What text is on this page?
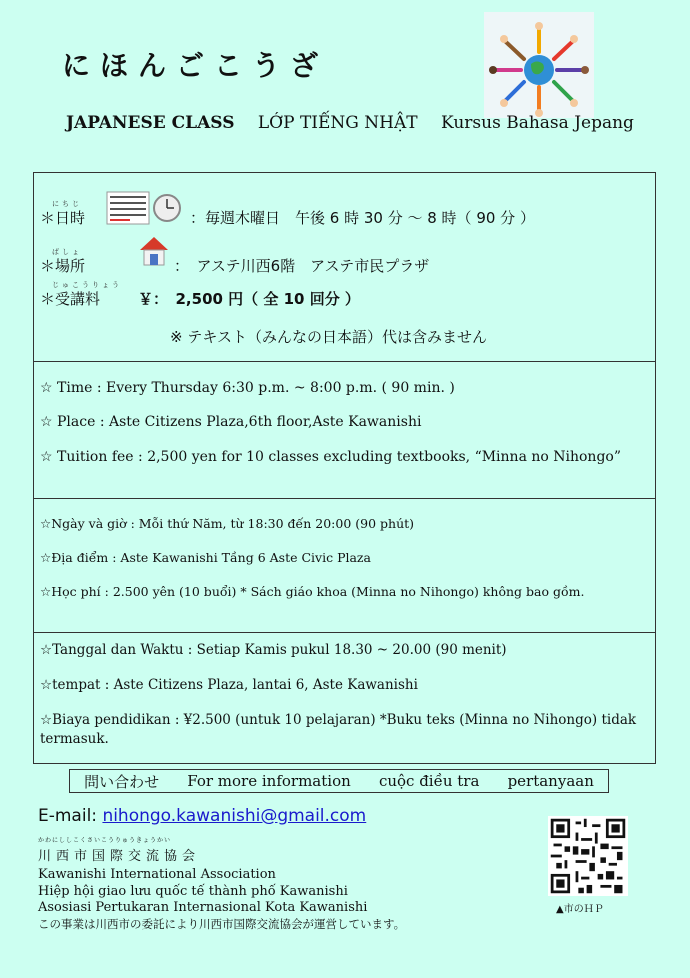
にほんごこうざ
JAPANESE CLASS LỚP TIẾNG NHẬT Kursus Bahasa Jepang
にちじ
＊日時	：毎週木曜日　午後 6 時 30 分 〜 8 時（ 90 分 ）
ばしょ
＊場所	：　アステ川西6階　アステ市民プラザ
じゅこうりょう
＊受講料	￥：　2,500 円（ 全 10 回分 ）
※ テキスト（みんなの日本語）代は含みません
☆ Time : Every Thursday 6:30 p.m. ~ 8:00 p.m. ( 90 min. )
☆ Place : Aste Citizens Plaza,6th floor,Aste Kawanishi
☆ Tuition fee : 2,500 yen for 10 classes excluding textbooks, “Minna no Nihongo”
☆Ngày và giờ : Mỗi thứ Năm, từ 18:30 đến 20:00 (90 phút)
☆Địa điểm : Aste Kawanishi Tầng 6 Aste Civic Plaza
☆Học phí : 2.500 yên (10 buổi) * Sách giáo khoa (Minna no Nihongo) không bao gồm.
☆Tanggal dan Waktu : Setiap Kamis pukul 18.30 ~ 20.00 (90 menit)
☆tempat : Aste Citizens Plaza, lantai 6, Aste Kawanishi
☆Biaya pendidikan : ¥2.500 (untuk 10 pelajaran) *Buku teks (Minna no Nihongo) tidak termasuk.
問い合わせ For more information cuộc điều tra pertanyaan
E-mail: nihongo.kawanishi@gmail.com
かわにししこくさいこうりゅうきょうかい
川西市国際交流協会
Kawanishi International Association
Hiệp hội giao lưu quốc tế thành phố Kawanishi
Asosiasi Pertukaran Internasional Kota Kawanishi
この事業は川西市の委託により川西市国際交流協会が運営しています。
▲市のＨＰ
